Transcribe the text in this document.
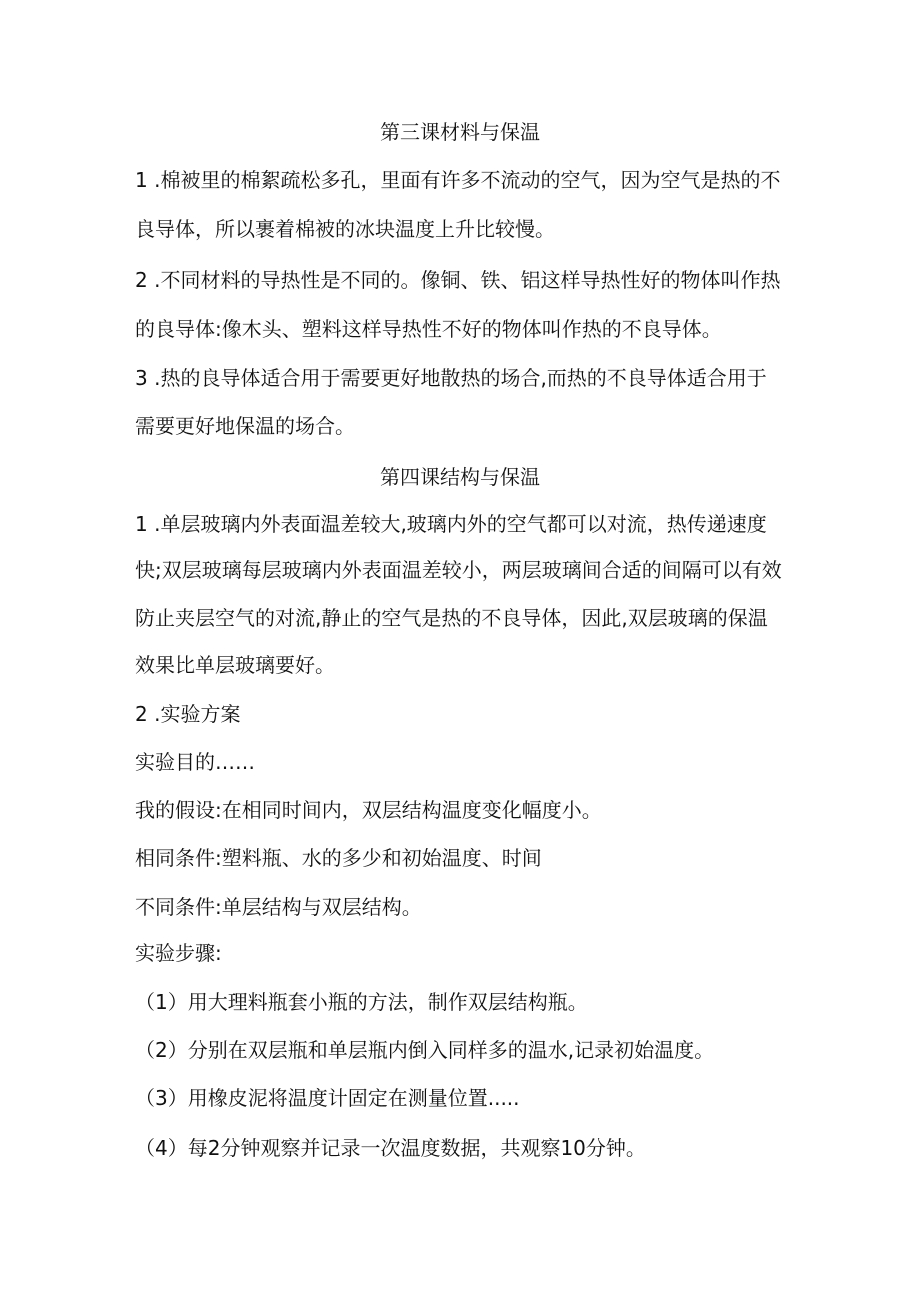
第三课材料与保温
1 .棉被里的棉絮疏松多孔，里面有许多不流动的空气，因为空气是热的不
良导体，所以裹着棉被的冰块温度上升比较慢。
2 .不同材料的导热性是不同的。像铜、铁、铝这样导热性好的物体叫作热
的良导体:像木头、塑料这样导热性不好的物体叫作热的不良导体。
3 .热的良导体适合用于需要更好地散热的场合,而热的不良导体适合用于
需要更好地保温的场合。
第四课结构与保温
1 .单层玻璃内外表面温差较大,玻璃内外的空气都可以对流，热传递速度
快;双层玻璃每层玻璃内外表面温差较小，两层玻璃间合适的间隔可以有效
防止夹层空气的对流,静止的空气是热的不良导体，因此,双层玻璃的保温
效果比单层玻璃要好。
2 .实验方案
实验目的……
我的假设:在相同时间内，双层结构温度变化幅度小。
相同条件:塑料瓶、水的多少和初始温度、时间
不同条件:单层结构与双层结构。
实验步骤:
（1）用大理料瓶套小瓶的方法，制作双层结构瓶。
（2）分别在双层瓶和单层瓶内倒入同样多的温水,记录初始温度。
（3）用橡皮泥将温度计固定在测量位置.....
（4）每2分钟观察并记录一次温度数据，共观察10分钟。
